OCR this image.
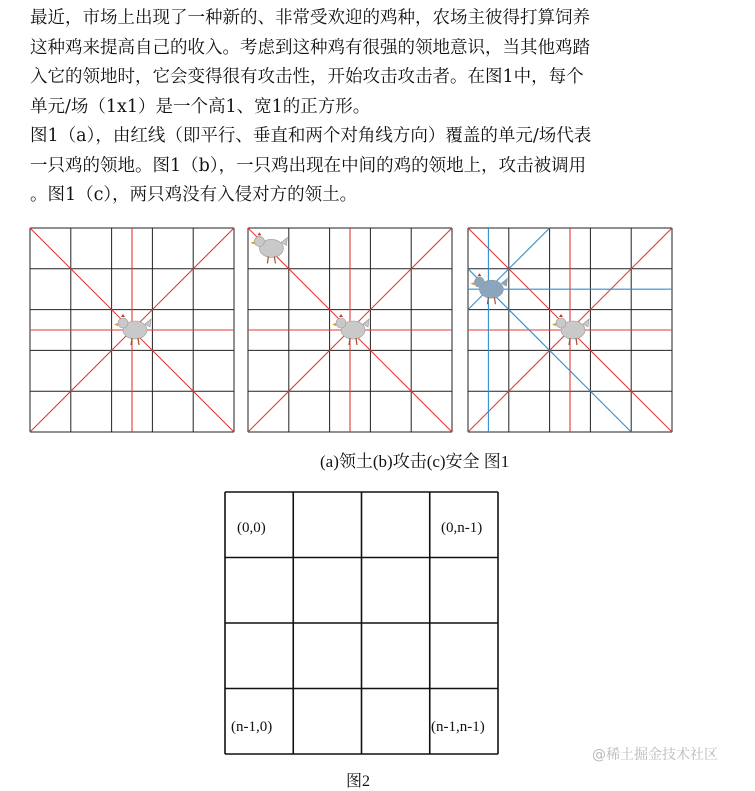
最近，市场上出现了一种新的、非常受欢迎的鸡种，农场主彼得打算饲养
这种鸡来提高自己的收入。考虑到这种鸡有很强的领地意识，当其他鸡踏
入它的领地时，它会变得很有攻击性，开始攻击攻击者。在图1中，每个
单元/场（1x1）是一个高1、宽1的正方形。
图1（a），由红线（即平行、垂直和两个对角线方向）覆盖的单元/场代表
一只鸡的领地。图1（b），一只鸡出现在中间的鸡的领地上，攻击被调用
。图1（c），两只鸡没有入侵对方的领土。
(a)领土(b)攻击(c)安全 图1
(0,0)	(0,n-1)
(n-1,0)	(n-1,n-1)
图2
@稀土掘金技术社区
